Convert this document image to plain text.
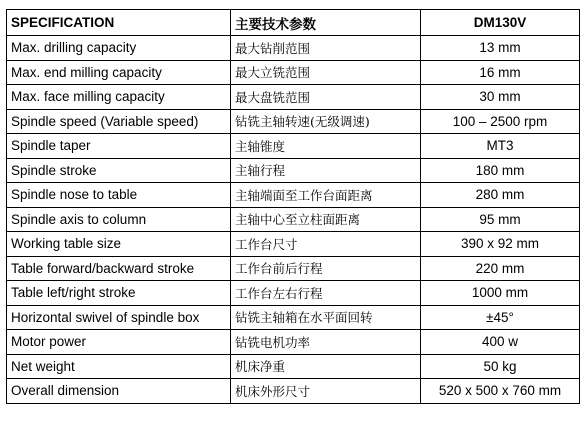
SPECIFICATION	主要技术参数	DM130V
Max. drilling capacity	最大钻削范围	13 mm
Max. end milling capacity	最大立铣范围	16 mm
Max. face milling capacity	最大盘铣范围	30 mm
Spindle speed (Variable speed)	钻铣主轴转速(无级调速)	100 – 2500 rpm
Spindle taper	主轴锥度	MT3
Spindle stroke	主轴行程	180 mm
Spindle nose to table	主轴端面至工作台面距离	280 mm
Spindle axis to column	主轴中心至立柱面距离	95 mm
Working table size	工作台尺寸	390 x 92 mm
Table forward/backward stroke	工作台前后行程	220 mm
Table left/right stroke	工作台左右行程	1000 mm
Horizontal swivel of spindle box	钻铣主轴箱在水平面回转	±45°
Motor power	钻铣电机功率	400 w
Net weight	机床净重	50 kg
Overall dimension	机床外形尺寸	520 x 500 x 760 mm
